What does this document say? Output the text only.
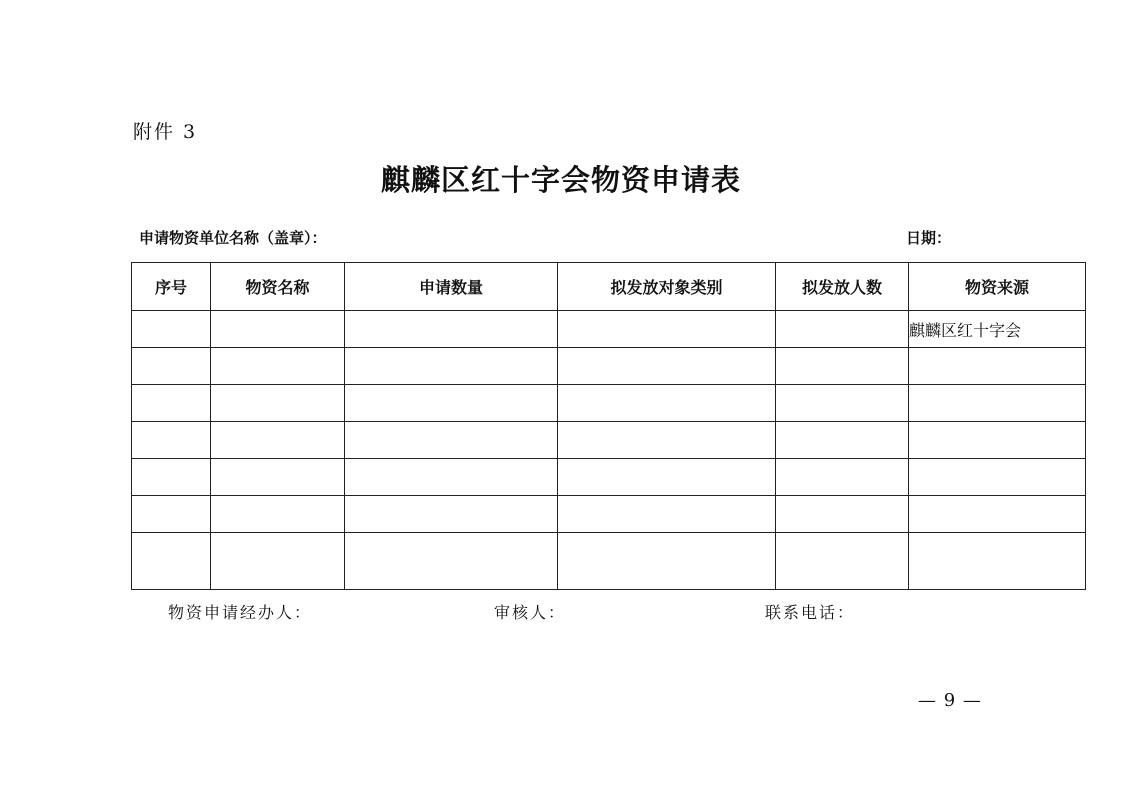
附件 3
麒麟区红十字会物资申请表
申请物资单位名称（盖章）：	日期：
序号	物资名称	申请数量	拟发放对象类别	拟发放人数	物资来源
					麒麟区红十字会

物资申请经办人：	审核人：	联系电话：
— 9 —
